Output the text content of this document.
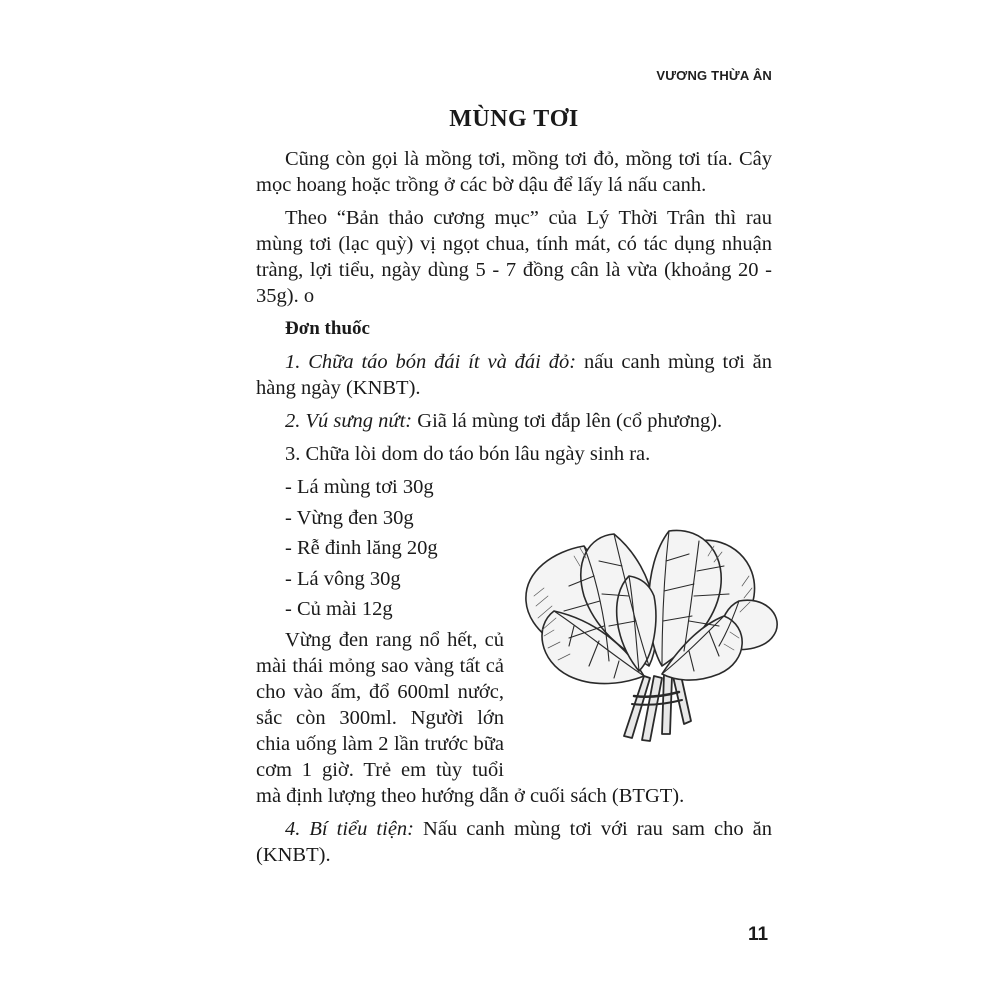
VƯƠNG THỪA ÂN
MÙNG TƠI

Cũng còn gọi là mồng tơi, mồng tơi đỏ, mồng tơi tía. Cây mọc hoang hoặc trồng ở các bờ dậu để lấy lá nấu canh.

Theo “Bản thảo cương mục” của Lý Thời Trân thì rau mùng tơi (lạc quỳ) vị ngọt chua, tính mát, có tác dụng nhuận tràng, lợi tiểu, ngày dùng 5 - 7 đồng cân là vừa (khoảng 20 - 35g). o

Đơn thuốc

1. Chữa táo bón đái ít và đái đỏ: nấu canh mùng tơi ăn hàng ngày (KNBT).

2. Vú sưng nứt: Giã lá mùng tơi đắp lên (cổ phương).

3. Chữa lòi dom do táo bón lâu ngày sinh ra.

- Lá mùng tơi 30g

- Vừng đen 30g

- Rễ đinh lăng 20g

- Lá vông 30g

- Củ mài 12g

Vừng đen rang nổ hết, củ mài thái mỏng sao vàng tất cả cho vào ấm, đổ 600ml nước, sắc còn 300ml. Người lớn chia uống làm 2 lần trước bữa cơm 1 giờ. Trẻ em tùy tuổi mà định lượng theo hướng dẫn ở cuối sách (BTGT).

4. Bí tiểu tiện: Nấu canh mùng tơi với rau sam cho ăn (KNBT).

11
